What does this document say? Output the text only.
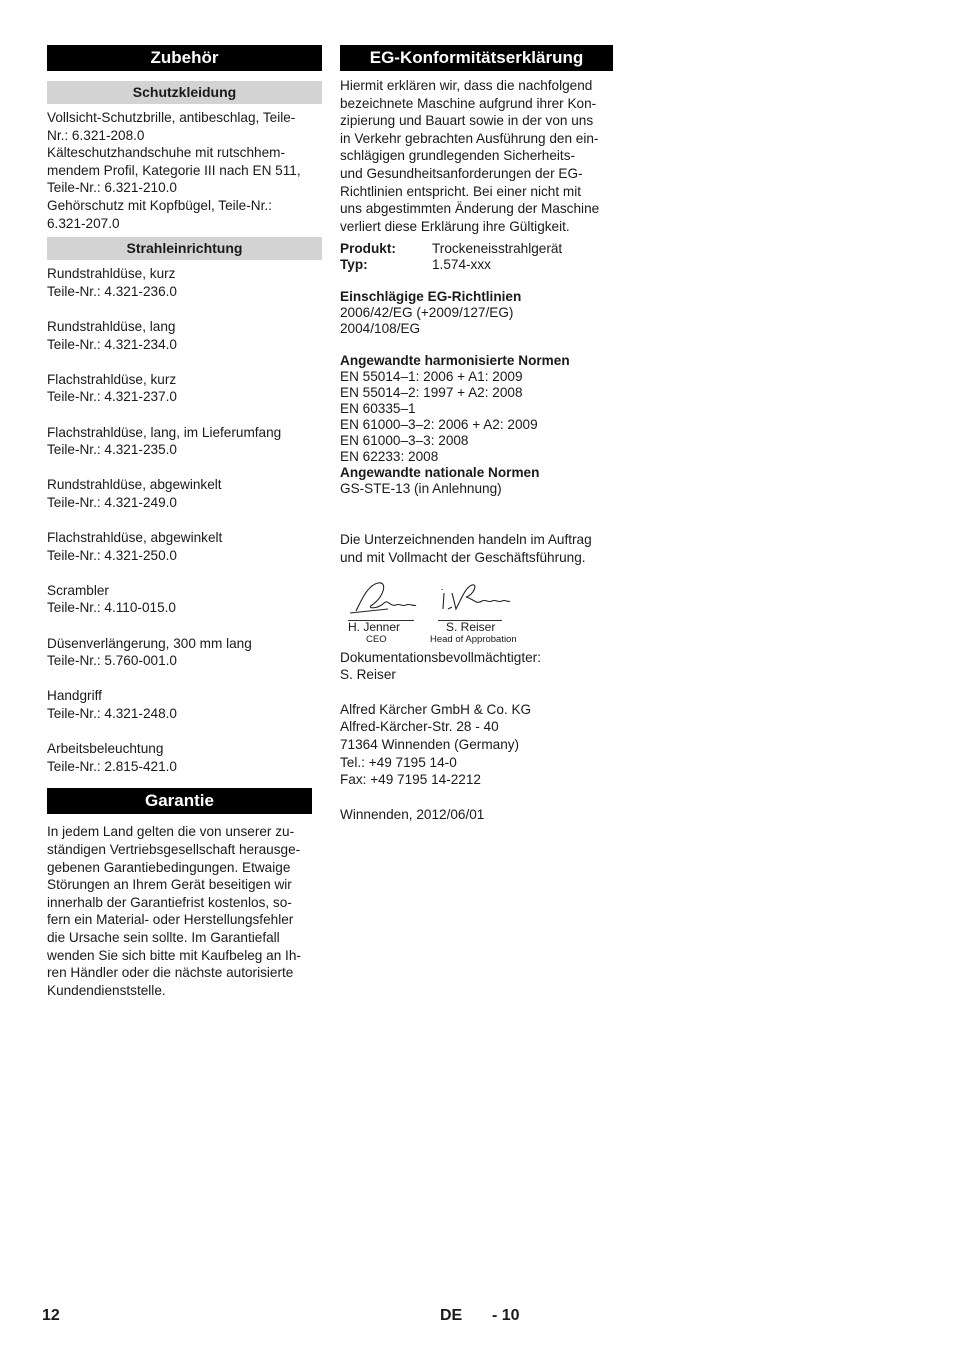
Zubehör
Schutzkleidung
Vollsicht-Schutzbrille, antibeschlag, Teile-
Nr.: 6.321-208.0
Kälteschutzhandschuhe mit rutschhem-
mendem Profil, Kategorie III nach EN 511,
Teile-Nr.: 6.321-210.0
Gehörschutz mit Kopfbügel, Teile-Nr.:
6.321-207.0
Strahleinrichtung
Rundstrahldüse, kurz
Teile-Nr.: 4.321-236.0
Rundstrahldüse, lang
Teile-Nr.: 4.321-234.0
Flachstrahldüse, kurz
Teile-Nr.: 4.321-237.0
Flachstrahldüse, lang, im Lieferumfang
Teile-Nr.: 4.321-235.0
Rundstrahldüse, abgewinkelt
Teile-Nr.: 4.321-249.0
Flachstrahldüse, abgewinkelt
Teile-Nr.: 4.321-250.0
Scrambler
Teile-Nr.: 4.110-015.0
Düsenverlängerung, 300 mm lang
Teile-Nr.: 5.760-001.0
Handgriff
Teile-Nr.: 4.321-248.0
Arbeitsbeleuchtung
Teile-Nr.: 2.815-421.0
Garantie
In jedem Land gelten die von unserer zu-
ständigen Vertriebsgesellschaft herausge-
gebenen Garantiebedingungen. Etwaige
Störungen an Ihrem Gerät beseitigen wir
innerhalb der Garantiefrist kostenlos, so-
fern ein Material- oder Herstellungsfehler
die Ursache sein sollte. Im Garantiefall
wenden Sie sich bitte mit Kaufbeleg an Ih-
ren Händler oder die nächste autorisierte
Kundendienststelle.
EG-Konformitätserklärung
Hiermit erklären wir, dass die nachfolgend
bezeichnete Maschine aufgrund ihrer Kon-
zipierung und Bauart sowie in der von uns
in Verkehr gebrachten Ausführung den ein-
schlägigen grundlegenden Sicherheits-
und Gesundheitsanforderungen der EG-
Richtlinien entspricht. Bei einer nicht mit
uns abgestimmten Änderung der Maschine
verliert diese Erklärung ihre Gültigkeit.
Produkt:	Trockeneisstrahlgerät
Typ:	1.574-xxx
Einschlägige EG-Richtlinien
2006/42/EG (+2009/127/EG)
2004/108/EG
Angewandte harmonisierte Normen
EN 55014–1: 2006 + A1: 2009
EN 55014–2: 1997 + A2: 2008
EN 60335–1
EN 61000–3–2: 2006 + A2: 2009
EN 61000–3–3: 2008
EN 62233: 2008
Angewandte nationale Normen
GS-STE-13 (in Anlehnung)
Die Unterzeichnenden handeln im Auftrag
und mit Vollmacht der Geschäftsführung.
H. Jenner
CEO
S. Reiser
Head of Approbation
Dokumentationsbevollmächtigter:
S. Reiser
Alfred Kärcher GmbH & Co. KG
Alfred-Kärcher-Str. 28 - 40
71364 Winnenden (Germany)
Tel.: +49 7195 14-0
Fax: +49 7195 14-2212
Winnenden, 2012/06/01
12	DE - 10
